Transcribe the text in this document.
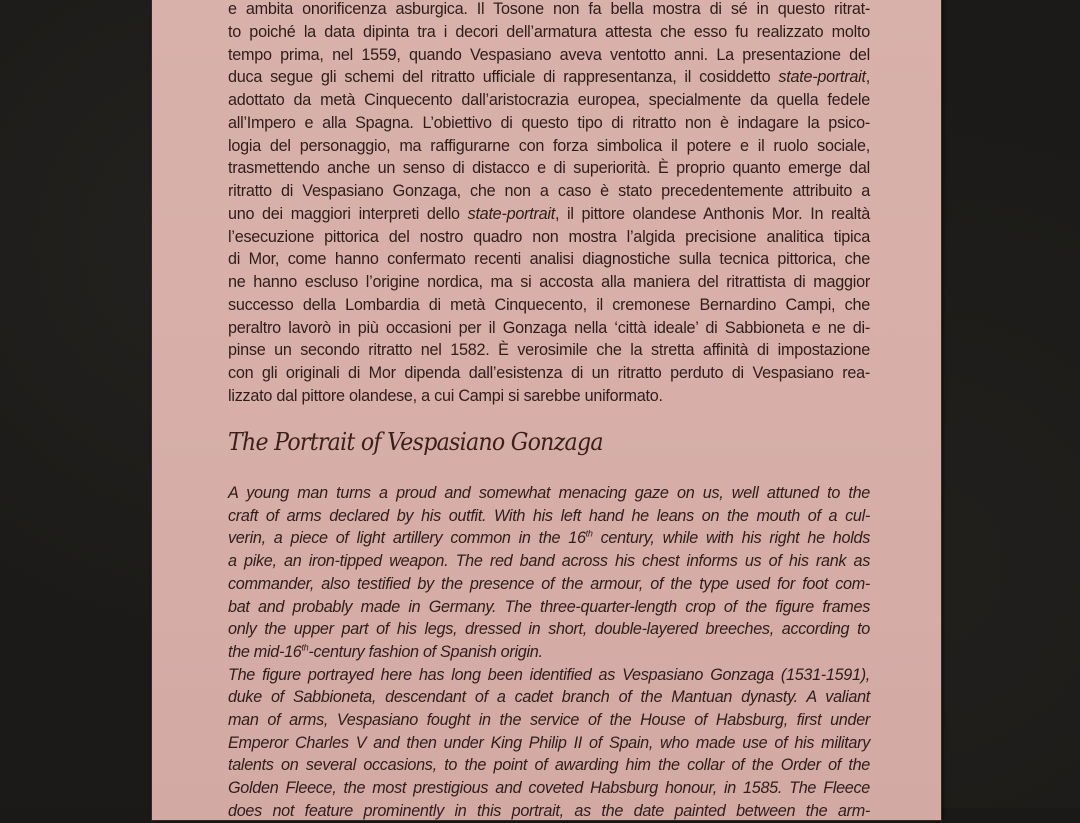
e ambita onorificenza asburgica. Il Tosone non fa bella mostra di sé in questo ritrat-
to poiché la data dipinta tra i decori dell’armatura attesta che esso fu realizzato molto
tempo prima, nel 1559, quando Vespasiano aveva ventotto anni. La presentazione del
duca segue gli schemi del ritratto ufficiale di rappresentanza, il cosiddetto state-portrait,
adottato da metà Cinquecento dall’aristocrazia europea, specialmente da quella fedele
all’Impero e alla Spagna. L’obiettivo di questo tipo di ritratto non è indagare la psico-
logia del personaggio, ma raffigurarne con forza simbolica il potere e il ruolo sociale,
trasmettendo anche un senso di distacco e di superiorità. È proprio quanto emerge dal
ritratto di Vespasiano Gonzaga, che non a caso è stato precedentemente attribuito a
uno dei maggiori interpreti dello state-portrait, il pittore olandese Anthonis Mor. In realtà
l’esecuzione pittorica del nostro quadro non mostra l’algida precisione analitica tipica
di Mor, come hanno confermato recenti analisi diagnostiche sulla tecnica pittorica, che
ne hanno escluso l’origine nordica, ma si accosta alla maniera del ritrattista di maggior
successo della Lombardia di metà Cinquecento, il cremonese Bernardino Campi, che
peraltro lavorò in più occasioni per il Gonzaga nella ‘città ideale’ di Sabbioneta e ne di-
pinse un secondo ritratto nel 1582. È verosimile che la stretta affinità di impostazione
con gli originali di Mor dipenda dall’esistenza di un ritratto perduto di Vespasiano rea-
lizzato dal pittore olandese, a cui Campi si sarebbe uniformato.
The Portrait of Vespasiano Gonzaga
A young man turns a proud and somewhat menacing gaze on us, well attuned to the
craft of arms declared by his outfit. With his left hand he leans on the mouth of a cul-
verin, a piece of light artillery common in the 16th century, while with his right he holds
a pike, an iron-tipped weapon. The red band across his chest informs us of his rank as
commander, also testified by the presence of the armour, of the type used for foot com-
bat and probably made in Germany. The three-quarter-length crop of the figure frames
only the upper part of his legs, dressed in short, double-layered breeches, according to
the mid-16th-century fashion of Spanish origin.
The figure portrayed here has long been identified as Vespasiano Gonzaga (1531-1591),
duke of Sabbioneta, descendant of a cadet branch of the Mantuan dynasty. A valiant
man of arms, Vespasiano fought in the service of the House of Habsburg, first under
Emperor Charles V and then under King Philip II of Spain, who made use of his military
talents on several occasions, to the point of awarding him the collar of the Order of the
Golden Fleece, the most prestigious and coveted Habsburg honour, in 1585. The Fleece
does not feature prominently in this portrait, as the date painted between the arm-
